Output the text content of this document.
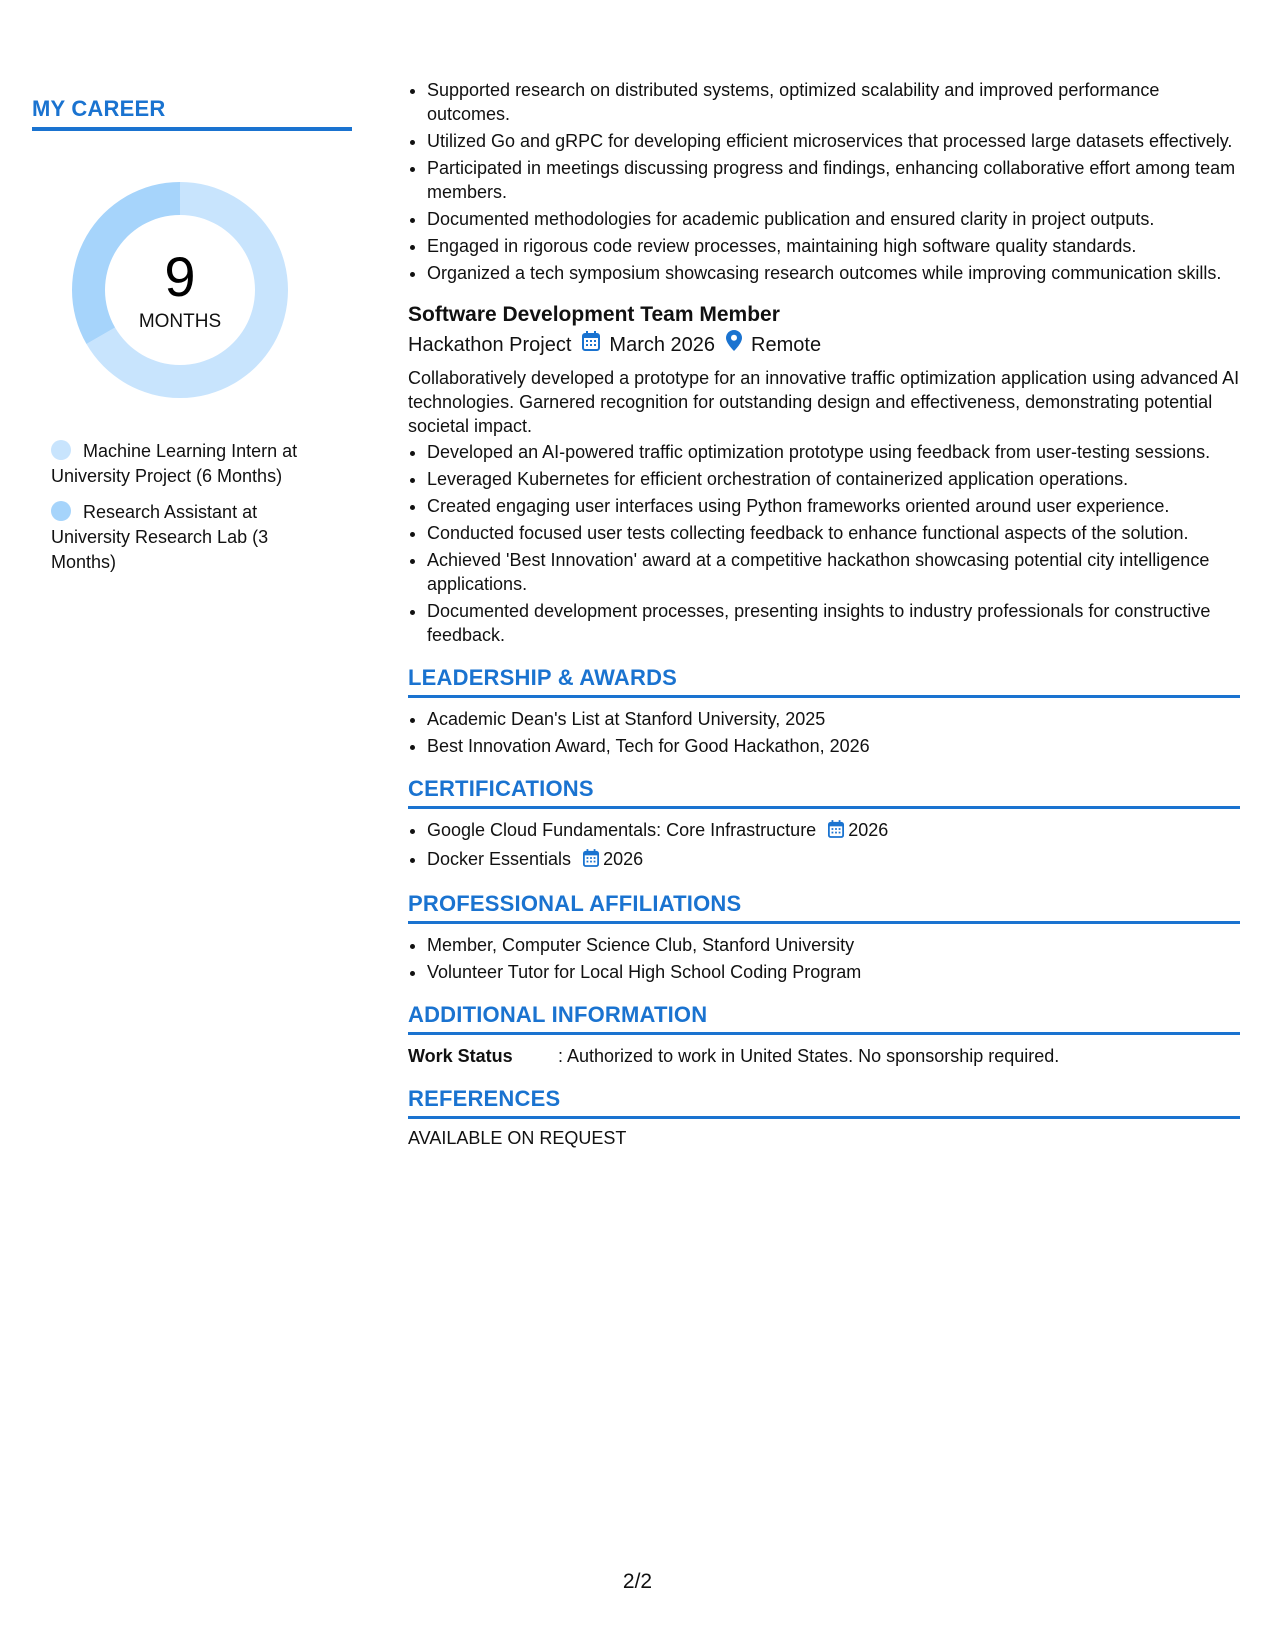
MY CAREER
9
MONTHS
Machine Learning Intern at University Project (6 Months)
Research Assistant at University Research Lab (3 Months)
• Supported research on distributed systems, optimized scalability and improved performance outcomes.
• Utilized Go and gRPC for developing efficient microservices that processed large datasets effectively.
• Participated in meetings discussing progress and findings, enhancing collaborative effort among team members.
• Documented methodologies for academic publication and ensured clarity in project outputs.
• Engaged in rigorous code review processes, maintaining high software quality standards.
• Organized a tech symposium showcasing research outcomes while improving communication skills.
Software Development Team Member
Hackathon Project March 2026 Remote
Collaboratively developed a prototype for an innovative traffic optimization application using advanced AI technologies. Garnered recognition for outstanding design and effectiveness, demonstrating potential societal impact.
• Developed an AI-powered traffic optimization prototype using feedback from user-testing sessions.
• Leveraged Kubernetes for efficient orchestration of containerized application operations.
• Created engaging user interfaces using Python frameworks oriented around user experience.
• Conducted focused user tests collecting feedback to enhance functional aspects of the solution.
• Achieved 'Best Innovation' award at a competitive hackathon showcasing potential city intelligence applications.
• Documented development processes, presenting insights to industry professionals for constructive feedback.
LEADERSHIP & AWARDS
• Academic Dean's List at Stanford University, 2025
• Best Innovation Award, Tech for Good Hackathon, 2026
CERTIFICATIONS
• Google Cloud Fundamentals: Core Infrastructure 2026
• Docker Essentials 2026
PROFESSIONAL AFFILIATIONS
• Member, Computer Science Club, Stanford University
• Volunteer Tutor for Local High School Coding Program
ADDITIONAL INFORMATION
Work Status	: Authorized to work in United States. No sponsorship required.
REFERENCES
AVAILABLE ON REQUEST
2/2
